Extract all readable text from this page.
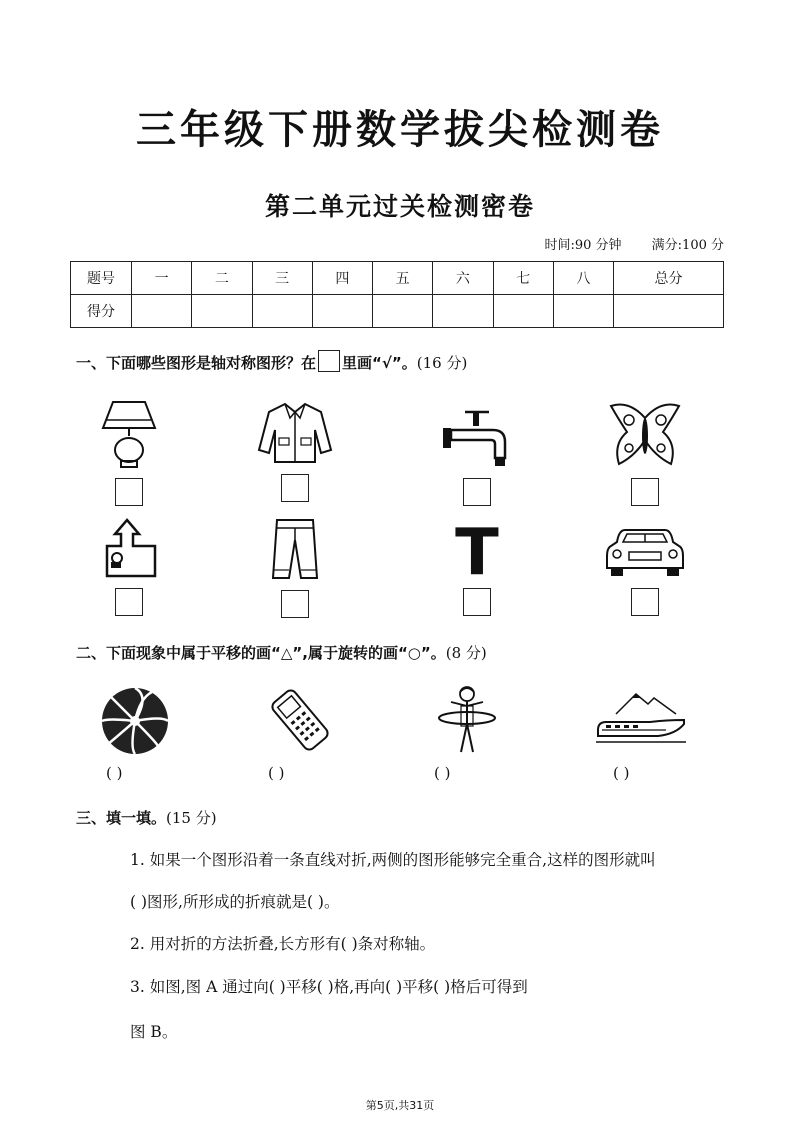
三年级下册数学拔尖检测卷
第二单元过关检测密卷
时间:90 分钟 满分:100 分
题号	一	二	三	四	五	六	七	八	总分
得分									
一、下面哪些图形是轴对称图形？在 里画“√”。(16 分)
T
二、下面现象中属于平移的画“△”,属于旋转的画“○”。(8 分)
( )	( )	( )	( )
三、填一填。(15 分)
1. 如果一个图形沿着一条直线对折,两侧的图形能够完全重合,这样的图形就叫
( )图形,所形成的折痕就是( )。
2. 用对折的方法折叠,长方形有( )条对称轴。
3. 如图,图 A 通过向( )平移( )格,再向( )平移( )格后可得到
图 B。
第5页,共31页
